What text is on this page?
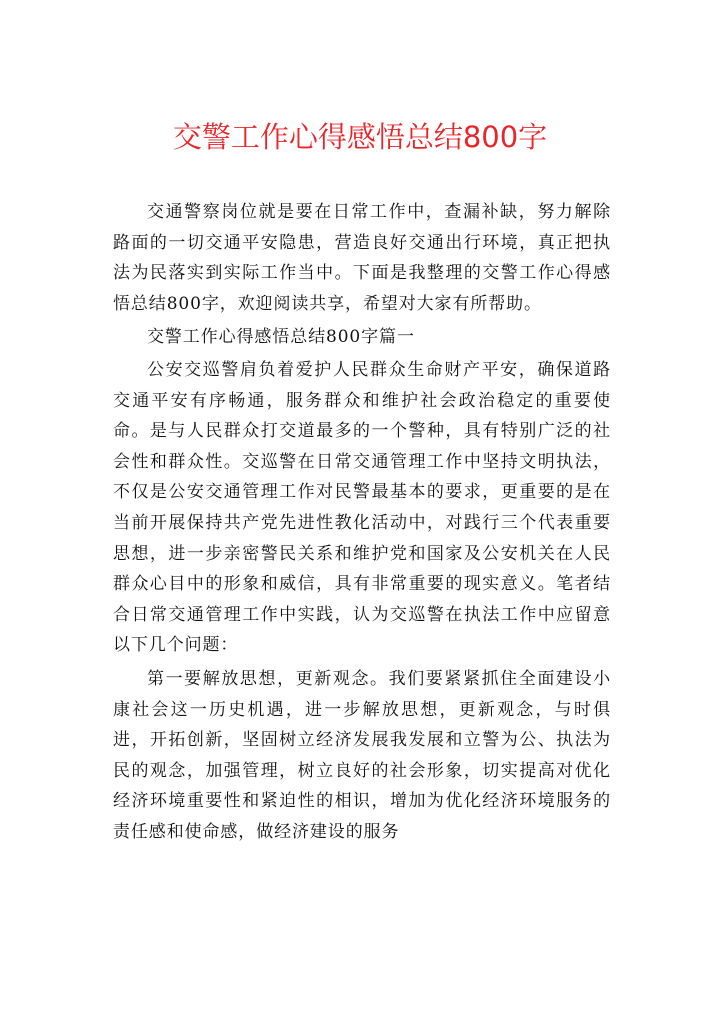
交警工作心得感悟总结800字

交通警察岗位就是要在日常工作中，查漏补缺，努力解除路面的一切交通平安隐患，营造良好交通出行环境，真正把执法为民落实到实际工作当中。下面是我整理的交警工作心得感悟总结800字，欢迎阅读共享，希望对大家有所帮助。

交警工作心得感悟总结800字篇一

公安交巡警肩负着爱护人民群众生命财产平安，确保道路交通平安有序畅通，服务群众和维护社会政治稳定的重要使命。是与人民群众打交道最多的一个警种，具有特别广泛的社会性和群众性。交巡警在日常交通管理工作中坚持文明执法，不仅是公安交通管理工作对民警最基本的要求，更重要的是在当前开展保持共产党先进性教化活动中，对践行三个代表重要思想，进一步亲密警民关系和维护党和国家及公安机关在人民群众心目中的形象和威信，具有非常重要的现实意义。笔者结合日常交通管理工作中实践，认为交巡警在执法工作中应留意以下几个问题：

第一要解放思想，更新观念。我们要紧紧抓住全面建设小康社会这一历史机遇，进一步解放思想，更新观念，与时俱进，开拓创新，坚固树立经济发展我发展和立警为公、执法为民的观念，加强管理，树立良好的社会形象，切实提高对优化经济环境重要性和紧迫性的相识，增加为优化经济环境服务的责任感和使命感，做经济建设的服务
